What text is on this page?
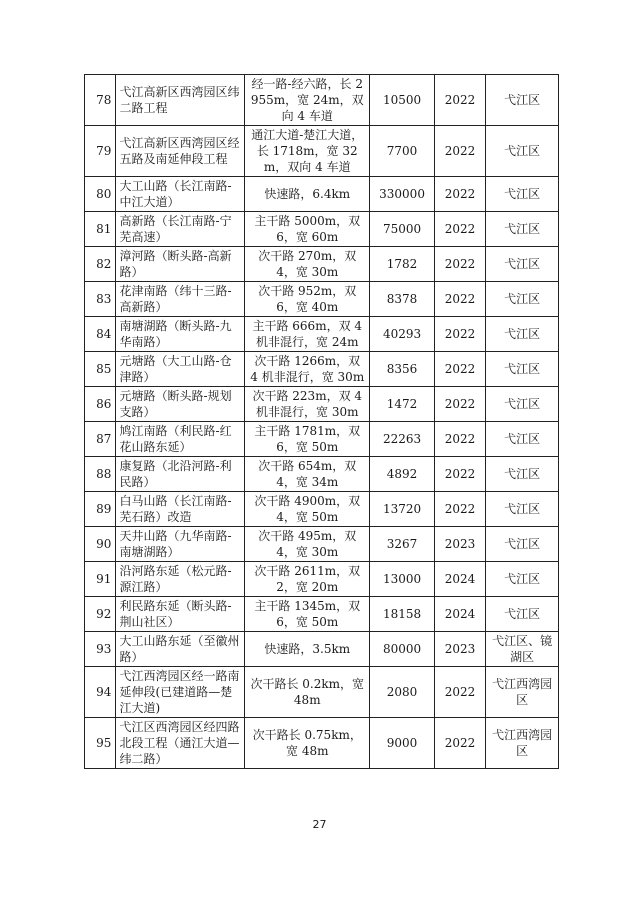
78	弋江高新区西湾园区纬二路工程	经一路-经六路，长 2955m，宽 24m，双向 4 车道	10500	2022	弋江区
79	弋江高新区西湾园区经五路及南延伸段工程	通江大道-楚江大道，长 1718m，宽 32m，双向 4 车道	7700	2022	弋江区
80	大工山路（长江南路-中江大道）	快速路，6.4km	330000	2022	弋江区
81	高新路（长江南路-宁芜高速）	主干路 5000m，双 6，宽 60m	75000	2022	弋江区
82	漳河路（断头路-高新路）	次干路 270m，双 4，宽 30m	1782	2022	弋江区
83	花津南路（纬十三路-高新路）	次干路 952m，双 6，宽 40m	8378	2022	弋江区
84	南塘湖路（断头路-九华南路）	主干路 666m，双 4 机非混行，宽 24m	40293	2022	弋江区
85	元塘路（大工山路-仓津路）	次干路 1266m，双 4 机非混行，宽 30m	8356	2022	弋江区
86	元塘路（断头路-规划支路）	次干路 223m，双 4 机非混行，宽 30m	1472	2022	弋江区
87	鸠江南路（利民路-红花山路东延）	主干路 1781m，双 6，宽 50m	22263	2022	弋江区
88	康复路（北沿河路-利民路）	次干路 654m，双 4，宽 34m	4892	2022	弋江区
89	白马山路（长江南路-芜石路）改造	次干路 4900m，双 4，宽 50m	13720	2022	弋江区
90	天井山路（九华南路-南塘湖路）	次干路 495m，双 4，宽 30m	3267	2023	弋江区
91	沿河路东延（松元路-源江路）	次干路 2611m，双 2，宽 20m	13000	2024	弋江区
92	利民路东延（断头路-荆山社区）	主干路 1345m，双 6，宽 50m	18158	2024	弋江区
93	大工山路东延（至徽州路）	快速路，3.5km	80000	2023	弋江区、镜湖区
94	弋江西湾园区经一路南延伸段(已建道路—楚江大道)	次干路长 0.2km，宽 48m	2080	2022	弋江西湾园区
95	弋江区西湾园区经四路北段工程（通江大道—纬二路）	次干路长 0.75km，宽 48m	9000	2022	弋江西湾园区
27
